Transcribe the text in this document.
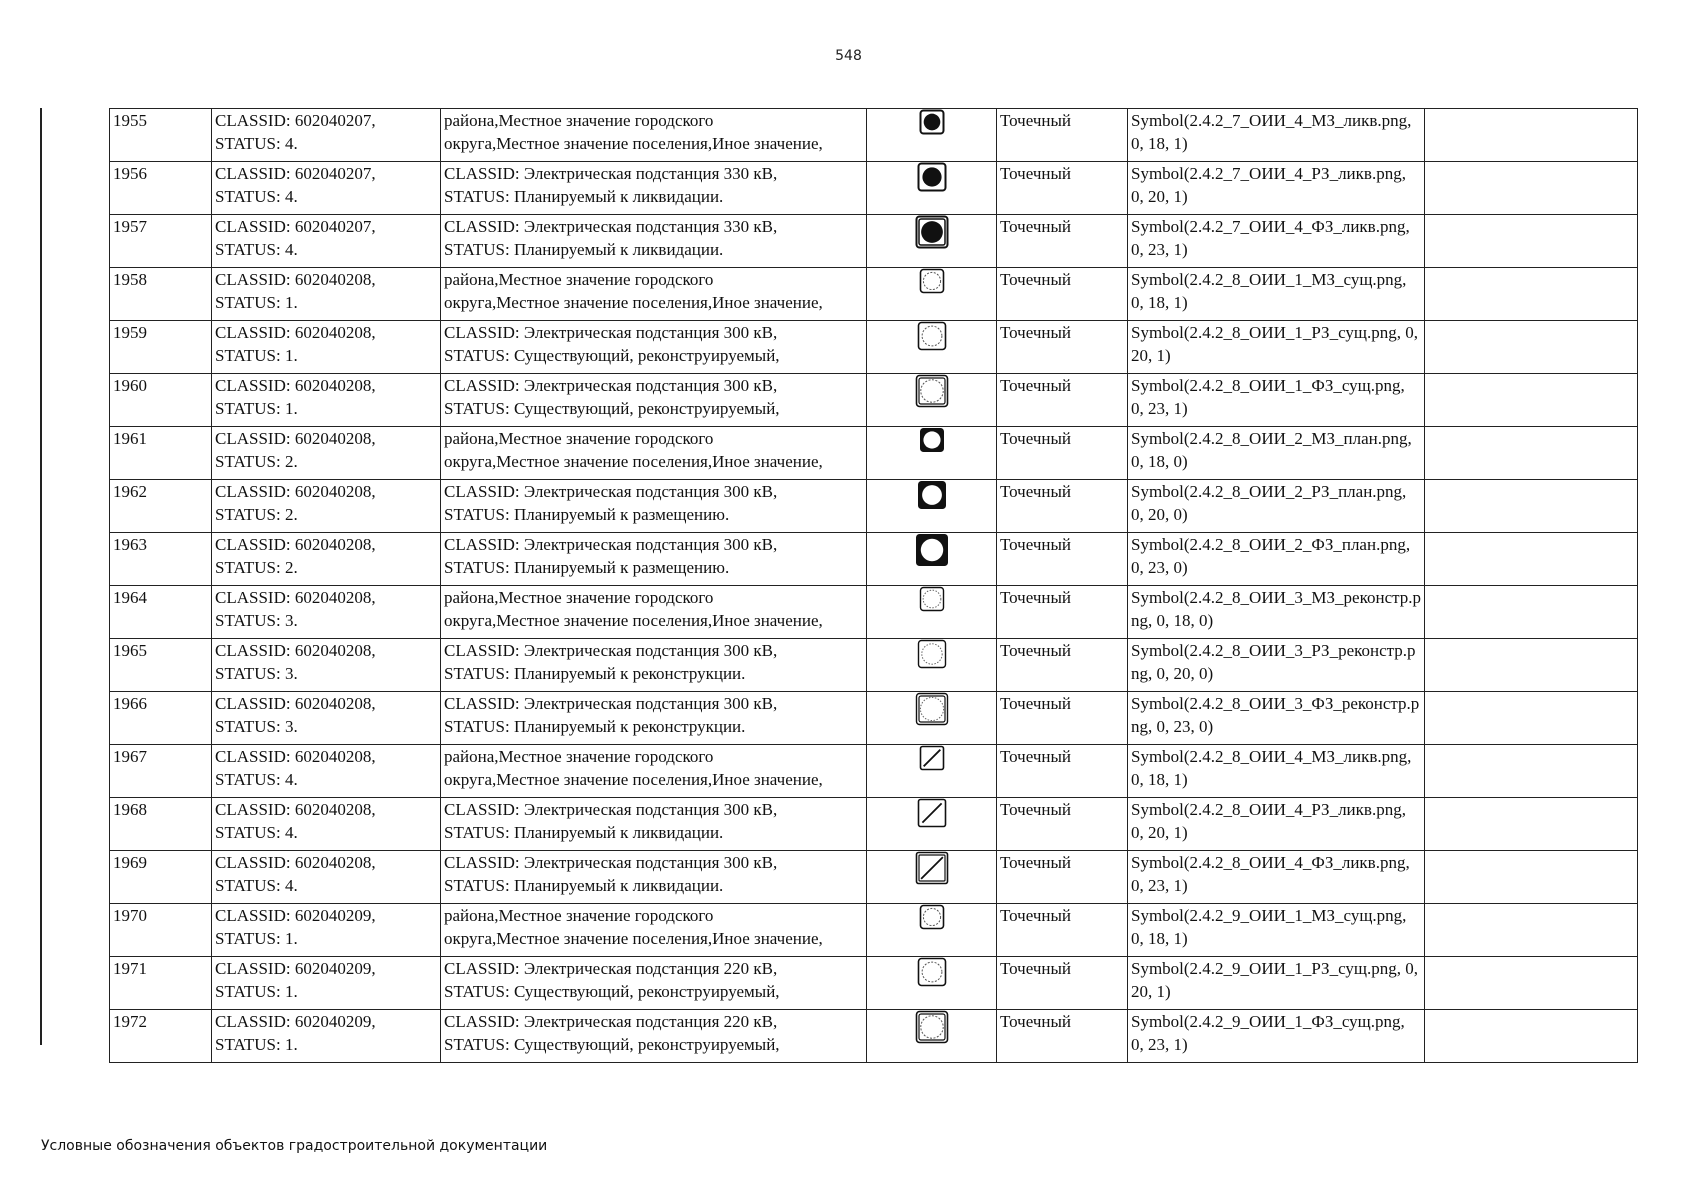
548
1955	CLASSID: 602040207,
STATUS: 4.	района,Местное значение городского
округа,Местное значение поселения,Иное значение,		Точечный	Symbol(2.4.2_7_ОИИ_4_МЗ_ликв.png, 0, 18, 1)	
1956	CLASSID: 602040207,
STATUS: 4.	CLASSID: Электрическая подстанция 330 кВ,
STATUS: Планируемый к ликвидации.		Точечный	Symbol(2.4.2_7_ОИИ_4_РЗ_ликв.png, 0, 20, 1)	
1957	CLASSID: 602040207,
STATUS: 4.	CLASSID: Электрическая подстанция 330 кВ,
STATUS: Планируемый к ликвидации.		Точечный	Symbol(2.4.2_7_ОИИ_4_ФЗ_ликв.png, 0, 23, 1)	
1958	CLASSID: 602040208,
STATUS: 1.	района,Местное значение городского
округа,Местное значение поселения,Иное значение,		Точечный	Symbol(2.4.2_8_ОИИ_1_МЗ_сущ.png, 0, 18, 1)	
1959	CLASSID: 602040208,
STATUS: 1.	CLASSID: Электрическая подстанция 300 кВ,
STATUS: Существующий, реконструируемый,		Точечный	Symbol(2.4.2_8_ОИИ_1_РЗ_сущ.png, 0, 20, 1)	
1960	CLASSID: 602040208,
STATUS: 1.	CLASSID: Электрическая подстанция 300 кВ,
STATUS: Существующий, реконструируемый,		Точечный	Symbol(2.4.2_8_ОИИ_1_ФЗ_сущ.png, 0, 23, 1)	
1961	CLASSID: 602040208,
STATUS: 2.	района,Местное значение городского
округа,Местное значение поселения,Иное значение,		Точечный	Symbol(2.4.2_8_ОИИ_2_МЗ_план.png, 0, 18, 0)	
1962	CLASSID: 602040208,
STATUS: 2.	CLASSID: Электрическая подстанция 300 кВ,
STATUS: Планируемый к размещению.		Точечный	Symbol(2.4.2_8_ОИИ_2_РЗ_план.png, 0, 20, 0)	
1963	CLASSID: 602040208,
STATUS: 2.	CLASSID: Электрическая подстанция 300 кВ,
STATUS: Планируемый к размещению.		Точечный	Symbol(2.4.2_8_ОИИ_2_ФЗ_план.png, 0, 23, 0)	
1964	CLASSID: 602040208,
STATUS: 3.	района,Местное значение городского
округа,Местное значение поселения,Иное значение,		Точечный	Symbol(2.4.2_8_ОИИ_3_МЗ_реконстр.png, 0, 18, 0)	
1965	CLASSID: 602040208,
STATUS: 3.	CLASSID: Электрическая подстанция 300 кВ,
STATUS: Планируемый к реконструкции.		Точечный	Symbol(2.4.2_8_ОИИ_3_РЗ_реконстр.png, 0, 20, 0)	
1966	CLASSID: 602040208,
STATUS: 3.	CLASSID: Электрическая подстанция 300 кВ,
STATUS: Планируемый к реконструкции.		Точечный	Symbol(2.4.2_8_ОИИ_3_ФЗ_реконстр.png, 0, 23, 0)	
1967	CLASSID: 602040208,
STATUS: 4.	района,Местное значение городского
округа,Местное значение поселения,Иное значение,		Точечный	Symbol(2.4.2_8_ОИИ_4_МЗ_ликв.png, 0, 18, 1)	
1968	CLASSID: 602040208,
STATUS: 4.	CLASSID: Электрическая подстанция 300 кВ,
STATUS: Планируемый к ликвидации.		Точечный	Symbol(2.4.2_8_ОИИ_4_РЗ_ликв.png, 0, 20, 1)	
1969	CLASSID: 602040208,
STATUS: 4.	CLASSID: Электрическая подстанция 300 кВ,
STATUS: Планируемый к ликвидации.		Точечный	Symbol(2.4.2_8_ОИИ_4_ФЗ_ликв.png, 0, 23, 1)	
1970	CLASSID: 602040209,
STATUS: 1.	района,Местное значение городского
округа,Местное значение поселения,Иное значение,		Точечный	Symbol(2.4.2_9_ОИИ_1_МЗ_сущ.png, 0, 18, 1)	
1971	CLASSID: 602040209,
STATUS: 1.	CLASSID: Электрическая подстанция 220 кВ,
STATUS: Существующий, реконструируемый,		Точечный	Symbol(2.4.2_9_ОИИ_1_РЗ_сущ.png, 0, 20, 1)	
1972	CLASSID: 602040209,
STATUS: 1.	CLASSID: Электрическая подстанция 220 кВ,
STATUS: Существующий, реконструируемый,		Точечный	Symbol(2.4.2_9_ОИИ_1_ФЗ_сущ.png, 0, 23, 1)	
Условные обозначения объектов градостроительной документации
